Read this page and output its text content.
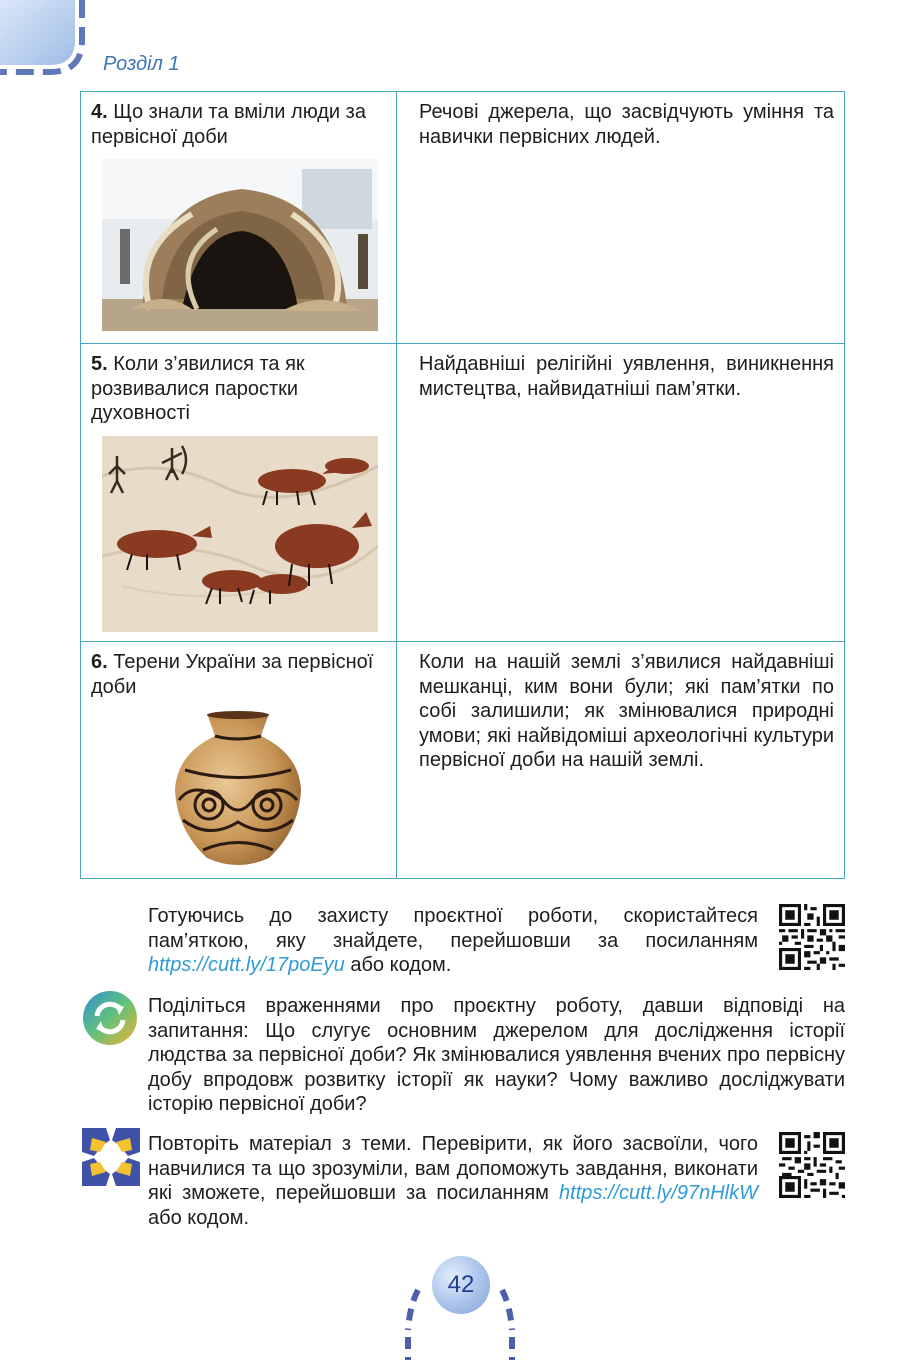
Розділ 1
4. Що знали та вміли люди за первісної доби
Речові джерела, що засвідчують уміння та навички первісних людей.
5. Коли з’явилися та як розвивалися паростки духовності
Найдавніші релігійні уявлення, виникнення мистецтва, найвидатніші пам’ятки.
6. Терени України за первісної доби
Коли на нашій землі з’явилися найдавніші мешканці, ким вони були; які пам’ятки по собі залишили; як змінювалися природні умови; які найвідоміші археологічні культури первісної доби на нашій землі.
Готуючись до захисту проєктної роботи, скористайтеся пам’яткою, яку знайдете, перейшовши за посиланням https://cutt.ly/17poEyu або кодом.
Поділіться враженнями про проєктну роботу, давши відповіді на запитання: Що слугує основним джерелом для дослідження історії людства за первісної доби? Як змінювалися уявлення вчених про первісну добу впродовж розвитку історії як науки? Чому важливо досліджувати історію первісної доби?
Повторіть матеріал з теми. Перевірити, як його засвоїли, чого навчилися та що зрозуміли, вам допоможуть завдання, виконати які зможете, перейшовши за посиланням https://cutt.ly/97nHlkW або кодом.
42
